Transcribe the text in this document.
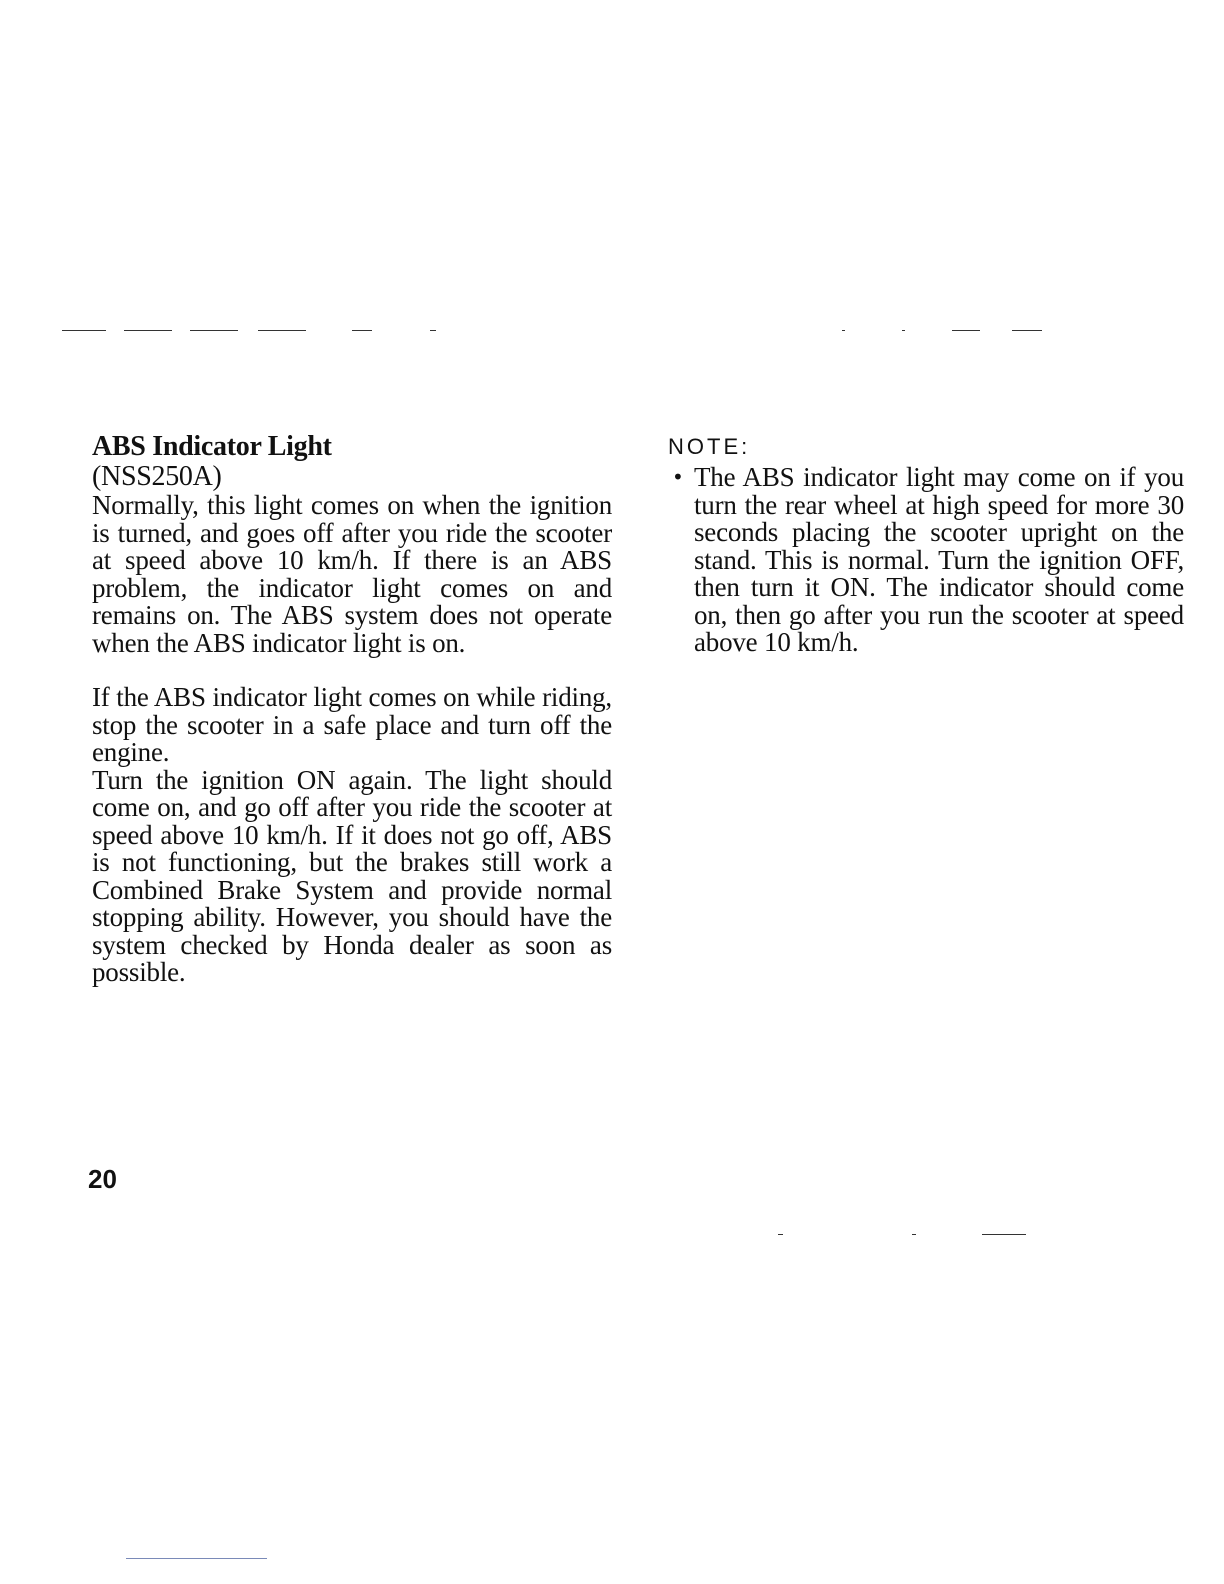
ABS Indicator Light
(NSS250A)

Normally, this light comes on when the ignition is turned, and goes off after you ride the scooter at speed above 10 km/h. If there is an ABS problem, the indicator light comes on and remains on. The ABS system does not operate when the ABS indicator light is on.

If the ABS indicator light comes on while riding, stop the scooter in a safe place and turn off the engine.

Turn the ignition ON again. The light should come on, and go off after you ride the scooter at speed above 10 km/h. If it does not go off, ABS is not functioning, but the brakes still work a Combined Brake System and provide normal stopping ability. However, you should have the system checked by Honda dealer as soon as possible.

NOTE:
• The ABS indicator light may come on if you turn the rear wheel at high speed for more 30 seconds placing the scooter upright on the stand. This is normal. Turn the ignition OFF, then turn it ON. The indicator should come on, then go after you run the scooter at speed above 10 km/h.

20
